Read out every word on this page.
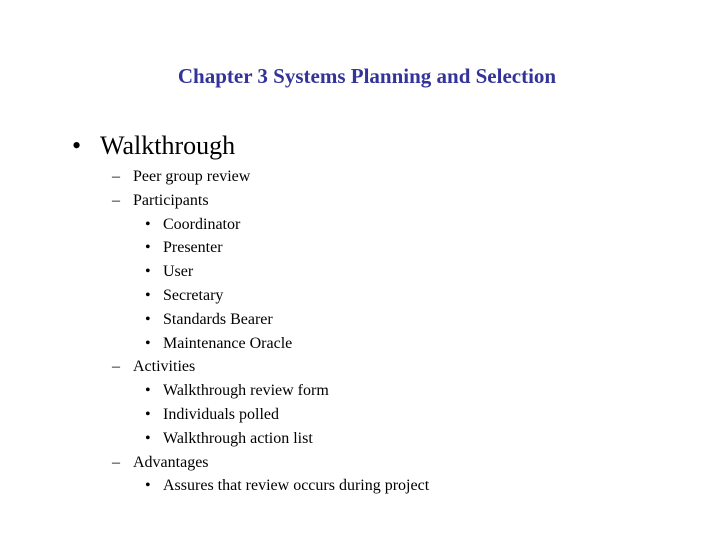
Chapter 3 Systems Planning and Selection
• Walkthrough
– Peer group review
– Participants
• Coordinator
• Presenter
• User
• Secretary
• Standards Bearer
• Maintenance Oracle
– Activities
• Walkthrough review form
• Individuals polled
• Walkthrough action list
– Advantages
• Assures that review occurs during project
